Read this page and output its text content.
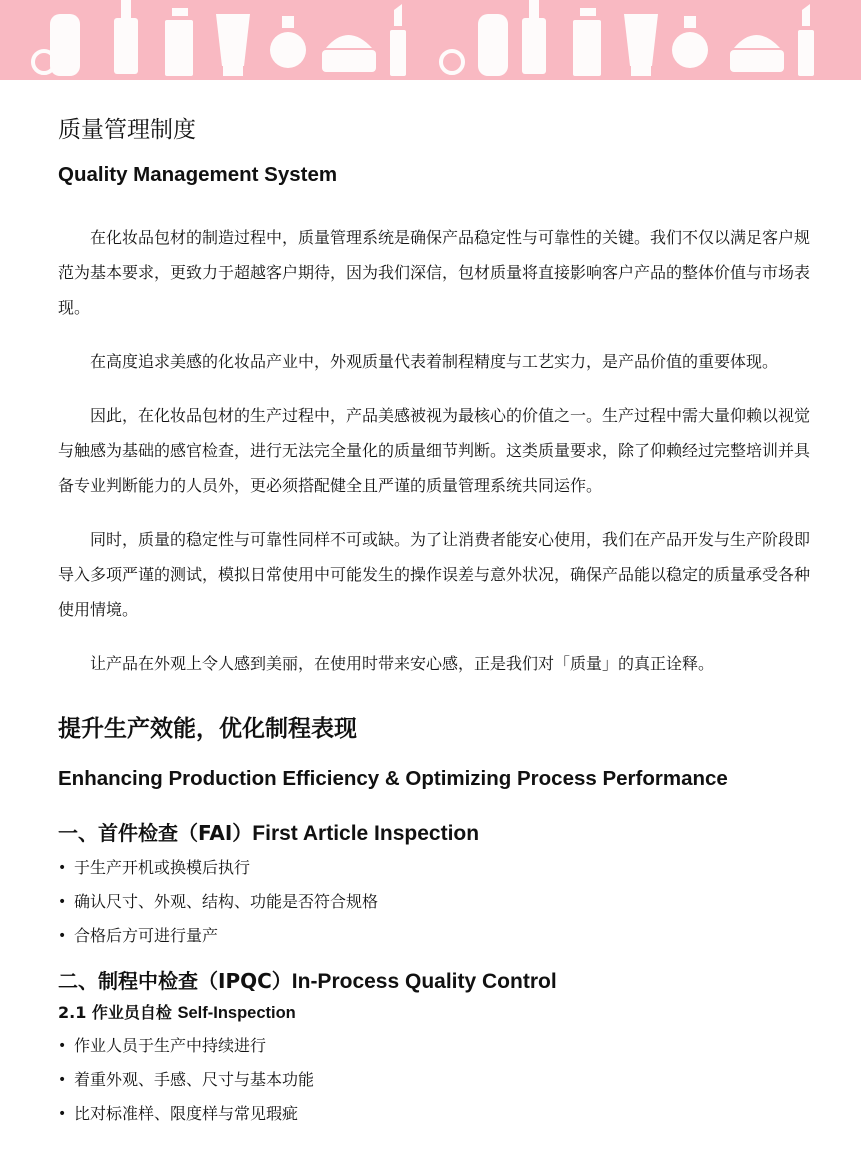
质量管理制度
Quality Management System

在化妆品包材的制造过程中，质量管理系统是确保产品稳定性与可靠性的关键。我们不仅以满足客户规范为基本要求，更致力于超越客户期待，因为我们深信，包材质量将直接影响客户产品的整体价值与市场表现。

在高度追求美感的化妆品产业中，外观质量代表着制程精度与工艺实力，是产品价值的重要体现。

因此，在化妆品包材的生产过程中，产品美感被视为最核心的价值之一。生产过程中需大量仰赖以视觉与触感为基础的感官检查，进行无法完全量化的质量细节判断。这类质量要求，除了仰赖经过完整培训并具备专业判断能力的人员外，更必须搭配健全且严谨的质量管理系统共同运作。

同时，质量的稳定性与可靠性同样不可或缺。为了让消费者能安心使用，我们在产品开发与生产阶段即导入多项严谨的测试，模拟日常使用中可能发生的操作误差与意外状况，确保产品能以稳定的质量承受各种使用情境。

让产品在外观上令人感到美丽，在使用时带来安心感，正是我们对「质量」的真正诠释。

提升生产效能，优化制程表现
Enhancing Production Efficiency & Optimizing Process Performance
一、首件检查（FAI）First Article Inspection
• 于生产开机或换模后执行
• 确认尺寸、外观、结构、功能是否符合规格
• 合格后方可进行量产
二、制程中检查（IPQC）In-Process Quality Control
2.1 作业员自检 Self-Inspection
• 作业人员于生产中持续进行
• 着重外观、手感、尺寸与基本功能
• 比对标准样、限度样与常见瑕疵
